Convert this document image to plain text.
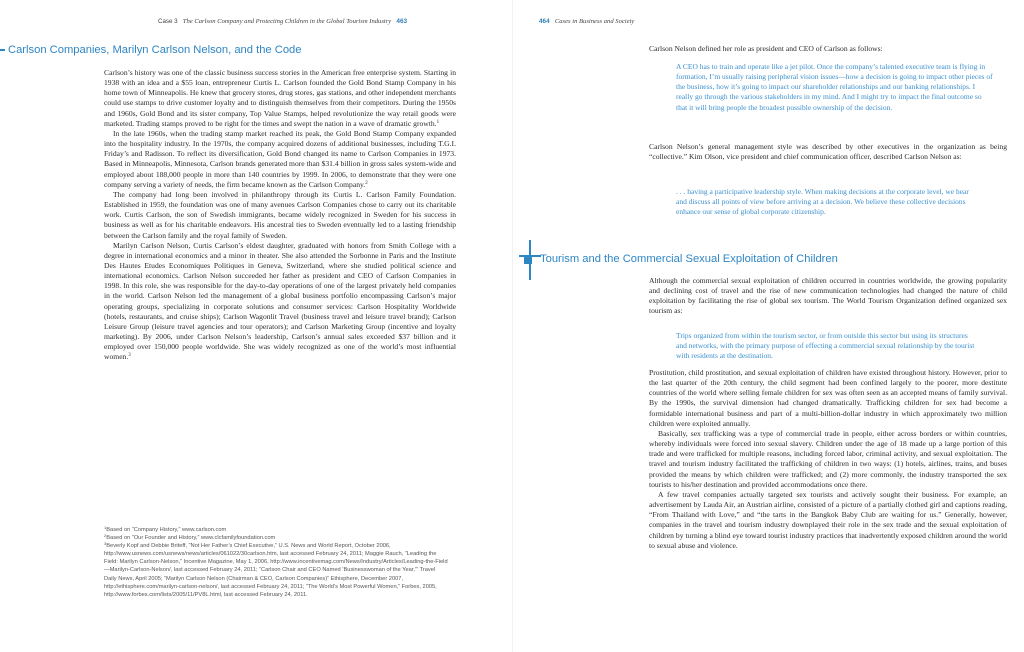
Case 3 The Carlson Company and Protecting Children in the Global Tourism Industry 463	464 Cases in Business and Society
Carlson Companies, Marilyn Carlson Nelson, and the Code

Carlson’s history was one of the classic business success stories in the American free enterprise system. Starting in 1938 with an idea and a $55 loan, entrepreneur Curtis L. Carlson founded the Gold Bond Stamp Company in his home town of Minneapolis. He knew that grocery stores, drug stores, gas stations, and other independent merchants could use stamps to drive customer loyalty and to distinguish themselves from their competitors. During the 1950s and 1960s, Gold Bond and its sister company, Top Value Stamps, helped revolutionize the way retail goods were marketed. Trading stamps proved to be right for the times and swept the nation in a wave of dramatic growth.$^1$

In the late 1960s, when the trading stamp market reached its peak, the Gold Bond Stamp Company expanded into the hospitality industry. In the 1970s, the company acquired dozens of additional businesses, including T.G.I. Friday’s and Radisson. To reflect its diversification, Gold Bond changed its name to Carlson Companies in 1973. Based in Minneapolis, Minnesota, Carlson brands generated more than $31.4 billion in gross sales system-wide and employed about 188,000 people in more than 140 countries by 1999. In 2006, to demonstrate that they were one company serving a variety of needs, the firm became known as the Carlson Company.$^2$

The company had long been involved in philanthropy through its Curtis L. Carlson Family Foundation. Established in 1959, the foundation was one of many avenues Carlson Companies chose to carry out its charitable work. Curtis Carlson, the son of Swedish immigrants, became widely recognized in Sweden for his success in business as well as for his charitable endeavors. His ancestral ties to Sweden eventually led to a lasting friendship between the Carlson family and the royal family of Sweden.

Marilyn Carlson Nelson, Curtis Carlson’s eldest daughter, graduated with honors from Smith College with a degree in international economics and a minor in theater. She also attended the Sorbonne in Paris and the Institute Des Hautes Etudes Economiques Politiques in Geneva, Switzerland, where she studied political science and international economics. Carlson Nelson succeeded her father as president and CEO of Carlson Companies in 1998. In this role, she was responsible for the day-to-day operations of one of the largest privately held companies in the world. Carlson Nelson led the management of a global business portfolio encompassing Carlson’s major operating groups, specializing in corporate solutions and consumer services: Carlson Hospitality Worldwide (hotels, restaurants, and cruise ships); Carlson Wagonlit Travel (business travel and leisure travel brand); Carlson Leisure Group (leisure travel agencies and tour operators); and Carlson Marketing Group (incentive and loyalty marketing). By 2006, under Carlson Nelson’s leadership, Carlson’s annual sales exceeded $37 billion and it employed over 150,000 people worldwide. She was widely recognized as one of the world’s most influential women.$^3$

$^1$Based on “Company History,” www.carlson.com
$^2$Based on “Our Founder and History,” www.clcfamilyfoundation.com
$^3$Beverly Kopf and Debbie Briteff, “Not Her Father’s Chief Executive,” U.S. News and World Report, October 2006, http://www.usnews.com/usnews/news/articles/061022/30carlson.htm, last accessed February 24, 2011; Maggie Rauch, “Leading the Field: Marilyn Carlson-Nelson,” Incentive Magazine, May 1, 2006, http://www.incentivemag.com/News/Industry/Articles/Leading-the-Field—Marilyn-Carlson-Nelson/, last accessed February 24, 2011; “Carlson Chair and CEO Named ‘Businesswoman of the Year,’” Travel Daily News, April 2005; “Marilyn Carlson Nelson (Chairman & CEO, Carlson Companies)” Ethisphere, December 2007, http://ethisphere.com/marilyn-carlson-nelson/, last accessed February 24, 2011; “The World’s Most Powerful Women,” Forbes, 2005, http://www.forbes.com/lists/2005/11/PV8L.html, last accessed February 24, 2011.

Carlson Nelson defined her role as president and CEO of Carlson as follows:

A CEO has to train and operate like a jet pilot. Once the company’s talented executive team is flying in formation, I’m usually raising peripheral vision issues—how a decision is going to impact other pieces of the business, how it’s going to impact our shareholder relationships and our banking relationships. I really go through the various stakeholders in my mind. And I might try to impact the final outcome so that it will bring people the broadest possible ownership of the decision.

Carlson Nelson’s general management style was described by other executives in the organization as being “collective.” Kim Olson, vice president and chief communication officer, described Carlson Nelson as:

. . . having a participative leadership style. When making decisions at the corporate level, we hear and discuss all points of view before arriving at a decision. We believe these collective decisions enhance our sense of global corporate citizenship.
Tourism and the Commercial Sexual Exploitation of Children

Although the commercial sexual exploitation of children occurred in countries worldwide, the growing popularity and declining cost of travel and the rise of new communication technologies had changed the nature of child exploitation by facilitating the rise of global sex tourism. The World Tourism Organization defined organized sex tourism as:

Trips organized from within the tourism sector, or from outside this sector but using its structures and networks, with the primary purpose of effecting a commercial sexual relationship by the tourist with residents at the destination.

Prostitution, child prostitution, and sexual exploitation of children have existed throughout history. However, prior to the last quarter of the 20th century, the child segment had been confined largely to the poorer, more destitute countries of the world where selling female children for sex was often seen as an accepted means of family survival. By the 1990s, the survival dimension had changed dramatically. Trafficking children for sex had become a formidable international business and part of a multi-billion-dollar industry in which approximately two million children were exploited annually.

Basically, sex trafficking was a type of commercial trade in people, either across borders or within countries, whereby individuals were forced into sexual slavery. Children under the age of 18 made up a large portion of this trade and were trafficked for multiple reasons, including forced labor, criminal activity, and sexual exploitation. The travel and tourism industry facilitated the trafficking of children in two ways: (1) hotels, airlines, trains, and buses provided the means by which children were trafficked; and (2) more commonly, the industry transported the sex tourists to his/her destination and provided accommodations once there.

A few travel companies actually targeted sex tourists and actively sought their business. For example, an advertisement by Lauda Air, an Austrian airline, consisted of a picture of a partially clothed girl and captions reading, “From Thailand with Love,” and “the tarts in the Bangkok Baby Club are waiting for us.” Generally, however, companies in the travel and tourism industry downplayed their role in the sex trade and the sexual exploitation of children by turning a blind eye toward tourist industry practices that inadvertently exposed children around the world to sexual abuse and violence.
